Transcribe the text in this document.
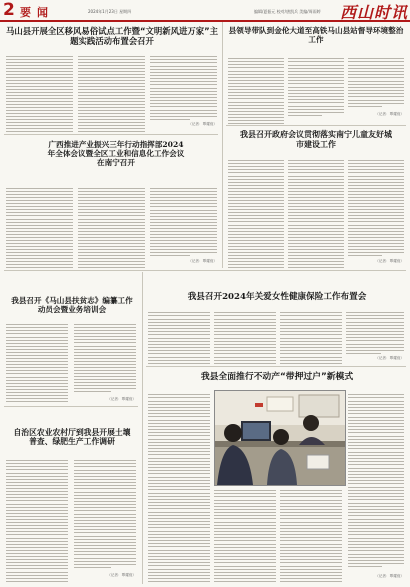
2 要闻	2024年1月23日 星期四	编辑/夏振元 校对/唐凯兵 美编/周雨婷 西山时讯
马山县开展全区移风易俗试点工作暨“文明新风进万家”主题实践活动布置会召开
（记者：覃耀庭）
县领导带队到金伦大道至高铁马山县站督导环境整治工作
（记者：覃耀庭）
广西推进产业振兴三年行动指挥部2024年全体会议暨全区工业和信息化工作会议在南宁召开
（记者：覃耀庭）
我县召开政府会议贯彻落实南宁儿童友好城市建设工作
（记者：覃耀庭）
我县召开《马山县扶贫志》编纂工作动员会暨业务培训会
（记者：覃耀庭）
我县召开2024年关爱女性健康保险工作布置会
（记者：覃耀庭）
自治区农业农村厅到我县开展土壤普查、绿肥生产工作调研
（记者：覃耀庭）
我县全面推行不动产“带押过户”新模式
（记者：覃耀庭）
